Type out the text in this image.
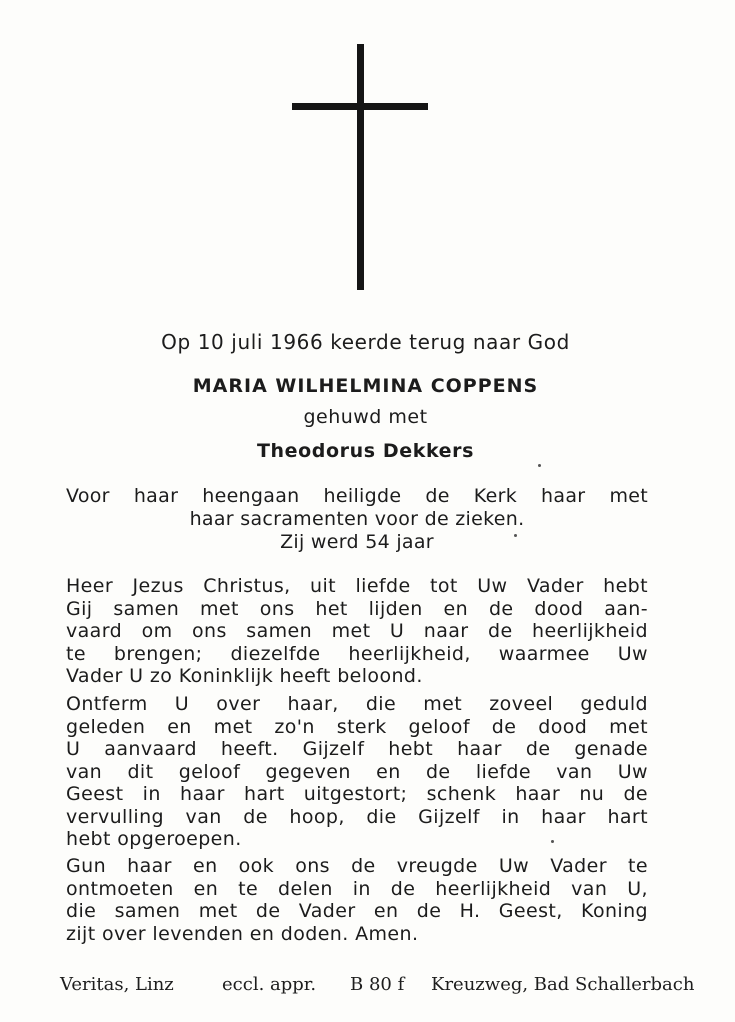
Op 10 juli 1966 keerde terug naar God
MARIA WILHELMINA COPPENS
gehuwd met
Theodorus Dekkers
Voor haar heengaan heiligde de Kerk haar met
haar sacramenten voor de zieken.
Zij werd 54 jaar
Heer Jezus Christus, uit liefde tot Uw Vader hebt
Gij samen met ons het lijden en de dood aan-
vaard om ons samen met U naar de heerlijkheid
te brengen; diezelfde heerlijkheid, waarmee Uw
Vader U zo Koninklijk heeft beloond.
Ontferm U over haar, die met zoveel geduld
geleden en met zo'n sterk geloof de dood met
U aanvaard heeft. Gijzelf hebt haar de genade
van dit geloof gegeven en de liefde van Uw
Geest in haar hart uitgestort; schenk haar nu de
vervulling van de hoop, die Gijzelf in haar hart
hebt opgeroepen.
Gun haar en ook ons de vreugde Uw Vader te
ontmoeten en te delen in de heerlijkheid van U,
die samen met de Vader en de H. Geest, Koning
zijt over levenden en doden. Amen.
Veritas, Linz	eccl. appr. B 80 f Kreuzweg, Bad Schallerbach
